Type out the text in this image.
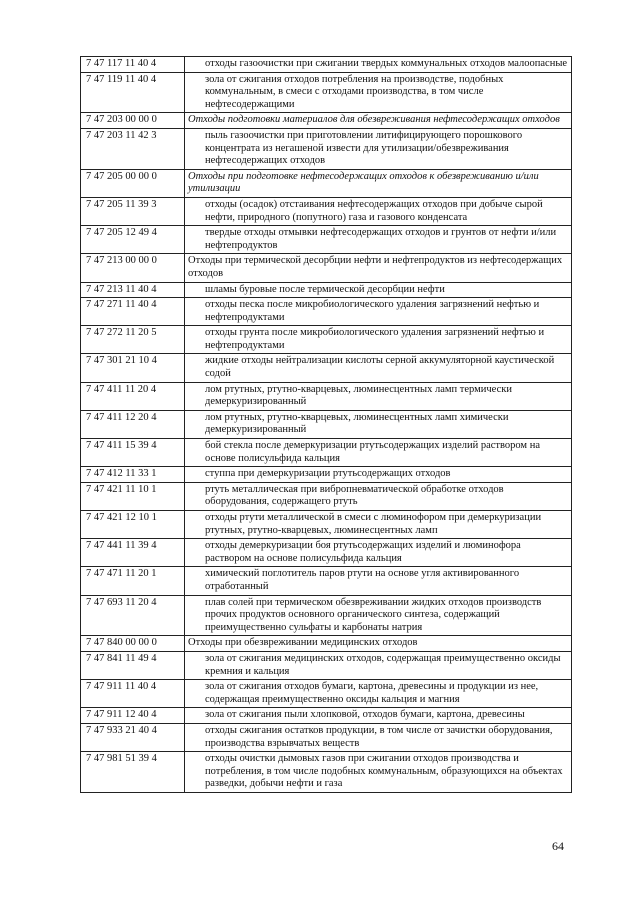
7 47 117 11 40 4	отходы газоочистки при сжигании твердых коммунальных отходов малоопасные
7 47 119 11 40 4	зола от сжигания отходов потребления на производстве, подобных коммунальным, в смеси с отходами производства, в том числе нефтесодержащими
7 47 203 00 00 0	Отходы подготовки материалов для обезвреживания нефтесодержащих отходов
7 47 203 11 42 3	пыль газоочистки при приготовлении литифицирующего порошкового концентрата из негашеной извести для утилизации/обезвреживания нефтесодержащих отходов
7 47 205 00 00 0	Отходы при подготовке нефтесодержащих отходов к обезвреживанию и/или утилизации
7 47 205 11 39 3	отходы (осадок) отстаивания нефтесодержащих отходов при добыче сырой нефти, природного (попутного) газа и газового конденсата
7 47 205 12 49 4	твердые отходы отмывки нефтесодержащих отходов и грунтов от нефти и/или нефтепродуктов
7 47 213 00 00 0	Отходы при термической десорбции нефти и нефтепродуктов из нефтесодержащих отходов
7 47 213 11 40 4	шламы буровые после термической десорбции нефти
7 47 271 11 40 4	отходы песка после микробиологического удаления загрязнений нефтью и нефтепродуктами
7 47 272 11 20 5	отходы грунта после микробиологического удаления загрязнений нефтью и нефтепродуктами
7 47 301 21 10 4	жидкие отходы нейтрализации кислоты серной аккумуляторной каустической содой
7 47 411 11 20 4	лом ртутных, ртутно-кварцевых, люминесцентных ламп термически демеркуризированный
7 47 411 12 20 4	лом ртутных, ртутно-кварцевых, люминесцентных ламп химически демеркуризированный
7 47 411 15 39 4	бой стекла после демеркуризации ртутьсодержащих изделий раствором на основе полисульфида кальция
7 47 412 11 33 1	ступпа при демеркуризации ртутьсодержащих отходов
7 47 421 11 10 1	ртуть металлическая при вибропневматической обработке отходов оборудования, содержащего ртуть
7 47 421 12 10 1	отходы ртути металлической в смеси с люминофором при демеркуризации ртутных, ртутно-кварцевых, люминесцентных ламп
7 47 441 11 39 4	отходы демеркуризации боя ртутьсодержащих изделий и люминофора раствором на основе полисульфида кальция
7 47 471 11 20 1	химический поглотитель паров ртути на основе угля активированного отработанный
7 47 693 11 20 4	плав солей при термическом обезвреживании жидких отходов производств прочих продуктов основного органического синтеза, содержащий преимущественно сульфаты и карбонаты натрия
7 47 840 00 00 0	Отходы при обезвреживании медицинских отходов
7 47 841 11 49 4	зола от сжигания медицинских отходов, содержащая преимущественно оксиды кремния и кальция
7 47 911 11 40 4	зола от сжигания отходов бумаги, картона, древесины и продукции из нее, содержащая преимущественно оксиды кальция и магния
7 47 911 12 40 4	зола от сжигания пыли хлопковой, отходов бумаги, картона, древесины
7 47 933 21 40 4	отходы сжигания остатков продукции, в том числе от зачистки оборудования, производства взрывчатых веществ
7 47 981 51 39 4	отходы очистки дымовых газов при сжигании отходов производства и потребления, в том числе подобных коммунальным, образующихся на объектах разведки, добычи нефти и газа
64
